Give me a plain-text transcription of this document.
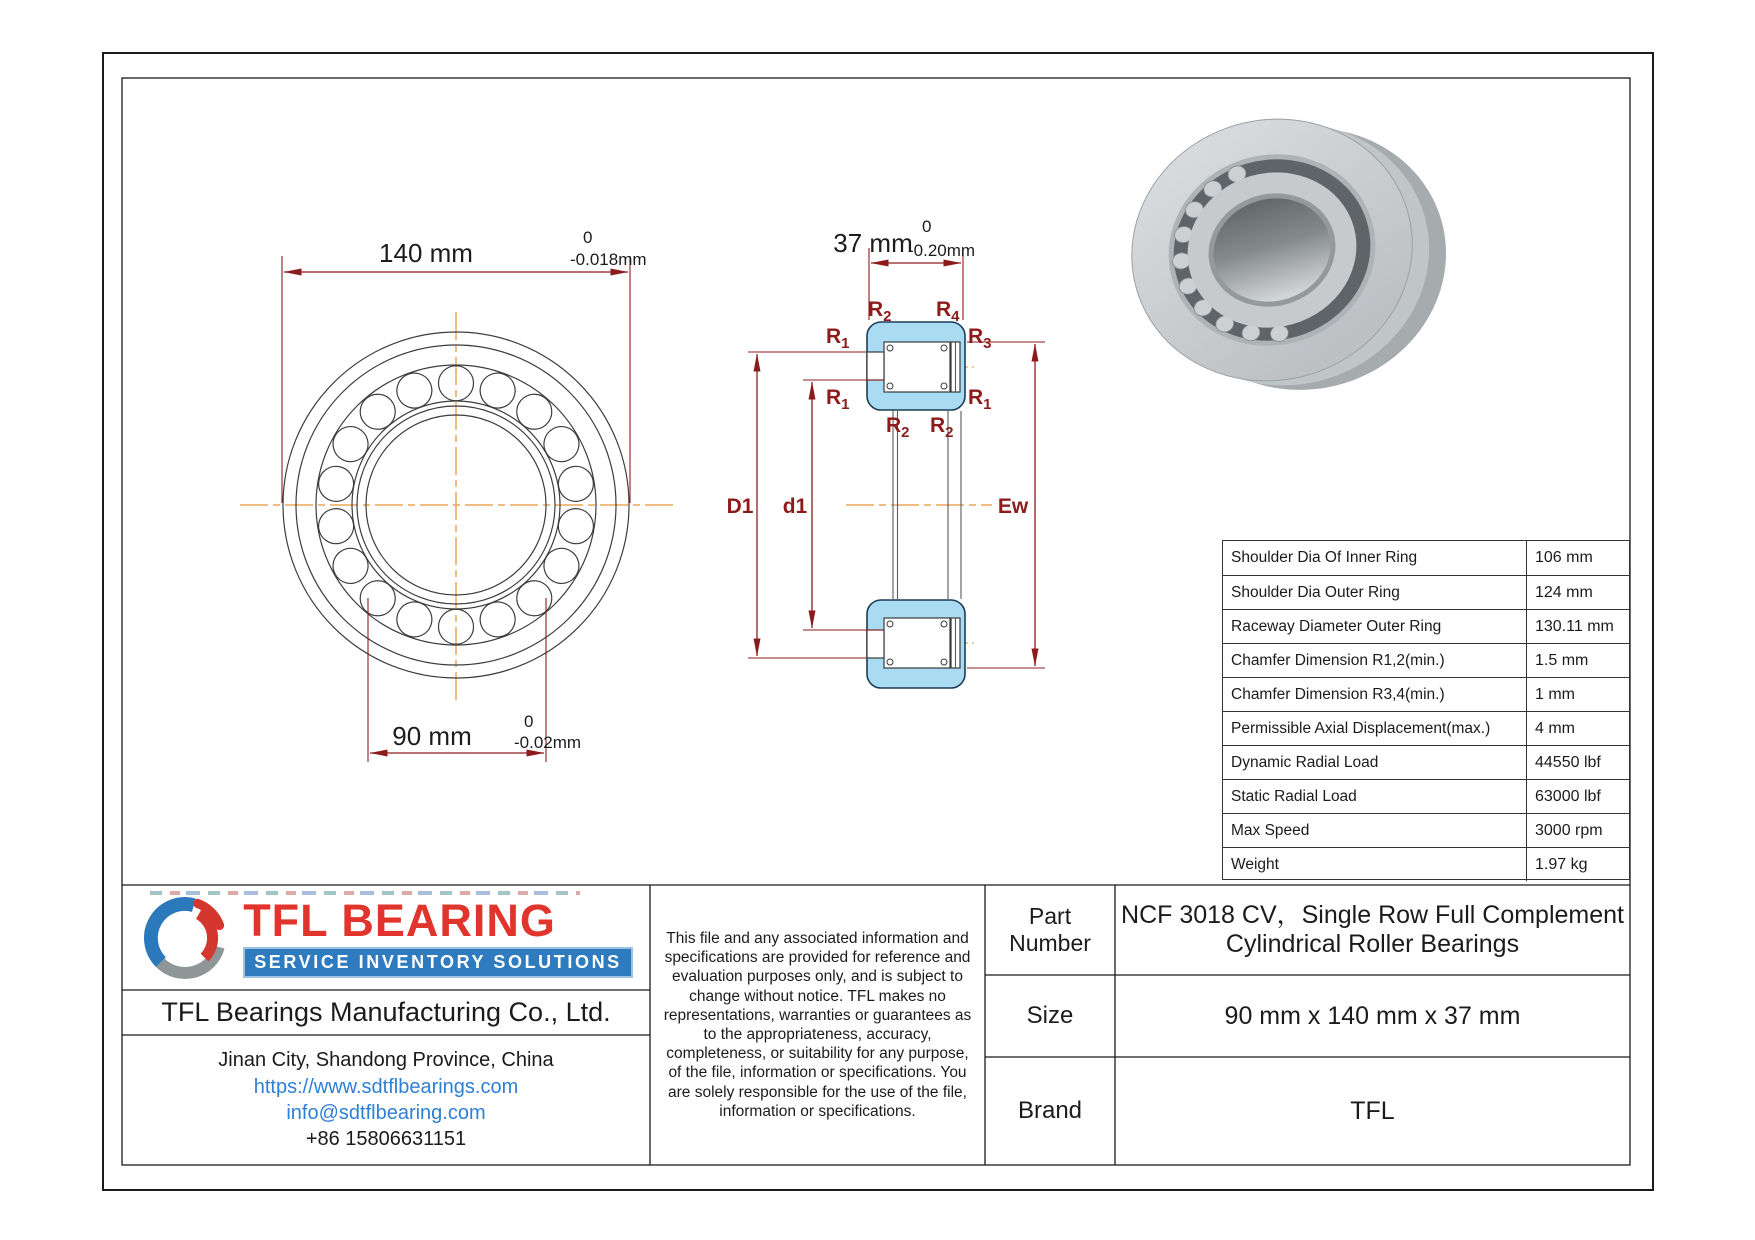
140 mm
0
-0.018mm
90 mm	0
-0.02mm
37 mm
0
-0.20mm
D1 d1	Ew
$R_2$ $R_4$
$R_1$	$R_3$
$R_1$	$R_1$
$R_2$ $R_2$
Shoulder Dia Of Inner Ring	106 mm
Shoulder Dia Outer Ring	124 mm
Raceway Diameter Outer Ring	130.11 mm
Chamfer Dimension R1,2(min.)	1.5 mm
Chamfer Dimension R3,4(min.)	1 mm
Permissible Axial Displacement(max.)	4 mm
Dynamic Radial Load	44550 lbf
Static Radial Load	63000 lbf
Max Speed	3000 rpm
Weight	1.97 kg
TFL BEARING
SERVICE INVENTORY SOLUTIONS
TFL Bearings Manufacturing Co., Ltd.
Jinan City, Shandong Province, China
https://www.sdtflbearings.com
info@sdtflbearing.com
+86 15806631151
This file and any associated information and specifications are provided for reference and evaluation purposes only, and is subject to change without notice. TFL makes no representations, warranties or guarantees as to the appropriateness, accuracy, completeness, or suitability for any purpose, of the file, information or specifications. You are solely responsible for the use of the file, information or specifications.
Part Number
NCF 3018 CV，Single Row Full Complement Cylindrical Roller Bearings
Size	90 mm x 140 mm x 37 mm
Brand	TFL
